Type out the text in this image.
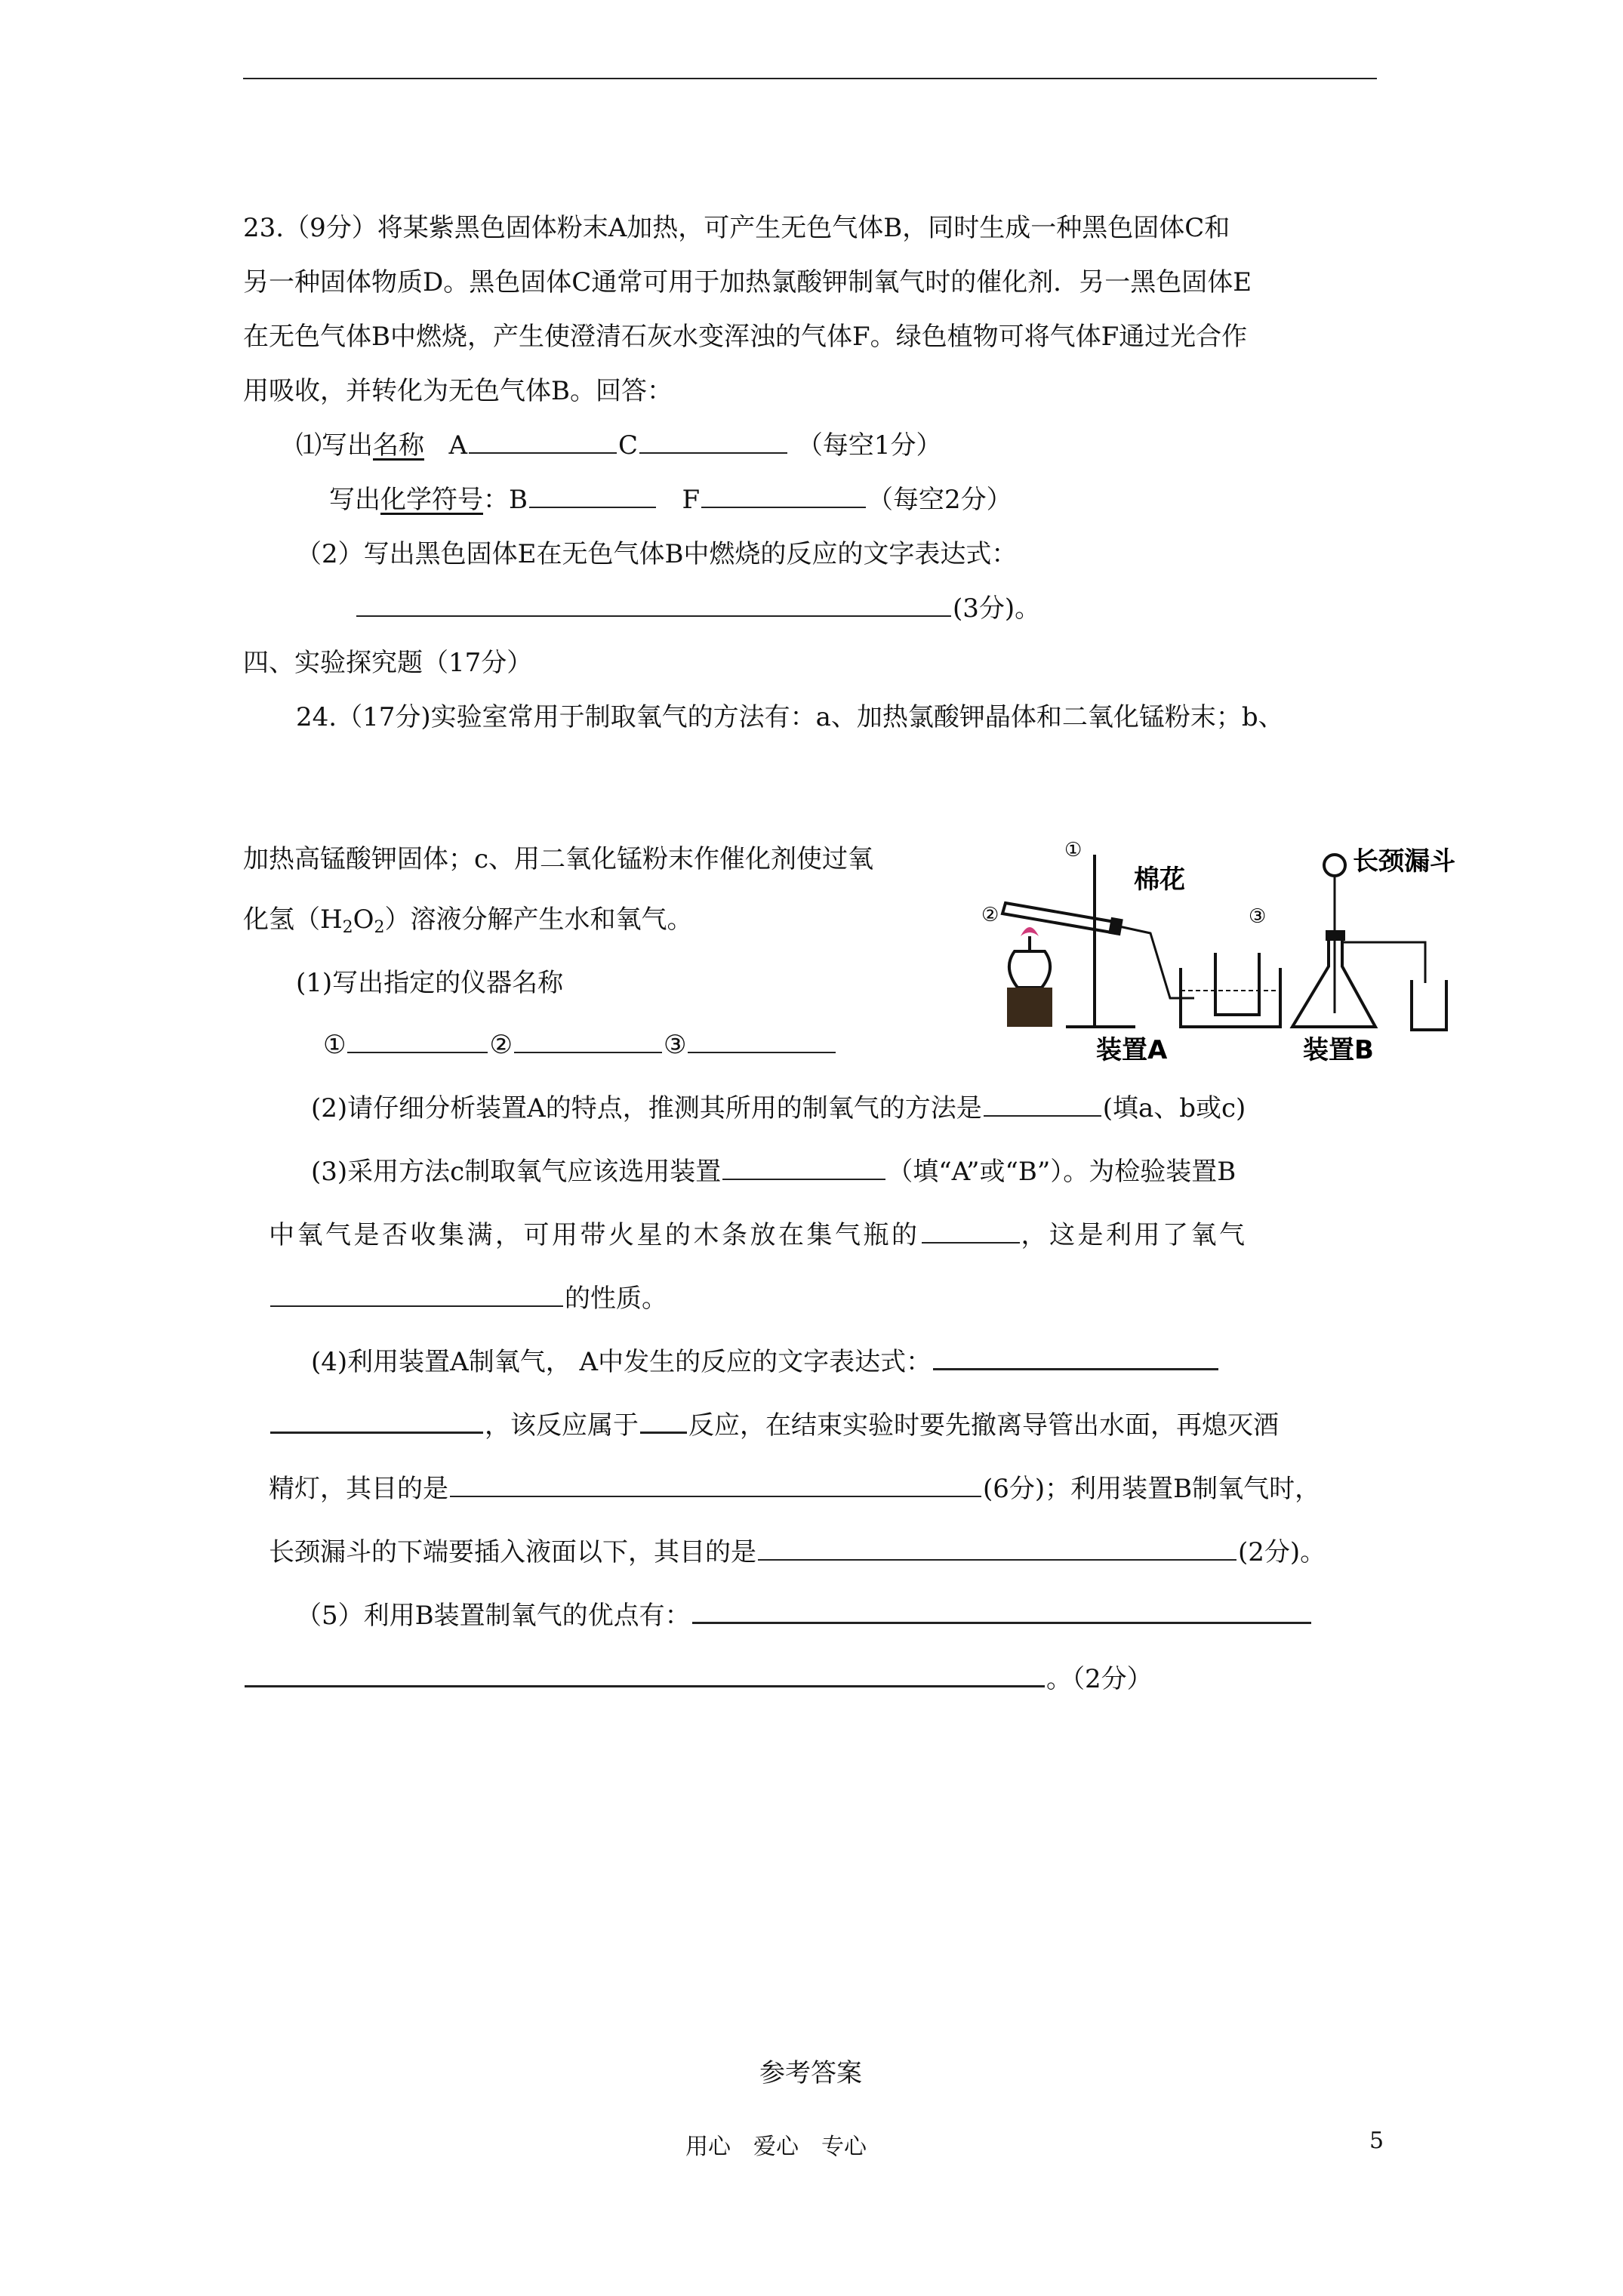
23.（9分）将某紫黑色固体粉末A加热，可产生无色气体B，同时生成一种黑色固体C和
另一种固体物质D。黑色固体C通常可用于加热氯酸钾制氧气时的催化剂．另一黑色固体E
在无色气体B中燃烧，产生使澄清石灰水变浑浊的气体F。绿色植物可将气体F通过光合作
用吸收，并转化为无色气体B。回答：
⑴写出名称 A	C	（每空1分）
写出化学符号：B	F	（每空2分）
（2）写出黑色固体E在无色气体B中燃烧的反应的文字表达式：
(3分)。
四、实验探究题（17分）
24.（17分)实验室常用于制取氧气的方法有：a、加热氯酸钾晶体和二氧化锰粉末；b、
加热高锰酸钾固体；c、用二氧化锰粉末作催化剂使过氧
化氢$(H_2O_2)$溶液分解产生水和氧气。
(1)写出指定的仪器名称
①	②	③
(2)请仔细分析装置A的特点，推测其所用的制氧气的方法是	(填a、b或c)
(3)采用方法c制取氧气应该选用装置	（填“A”或“B”）。为检验装置B
中氧气是否收集满，可用带火星的木条放在集气瓶的	，这是利用了氧气
的性质。
(4)利用装置A制氧气， A中发生的反应的文字表达式：
，该反应属于 反应，在结束实验时要先撤离导管出水面，再熄灭酒
精灯，其目的是	(6分)；利用装置B制氧气时，
长颈漏斗的下端要插入液面以下，其目的是	(2分)。
（5）利用B装置制氧气的优点有：
。（2分）
①
②	③
棉花
长颈漏斗
装置A	装置B
参考答案
用心　爱心　专心	5
